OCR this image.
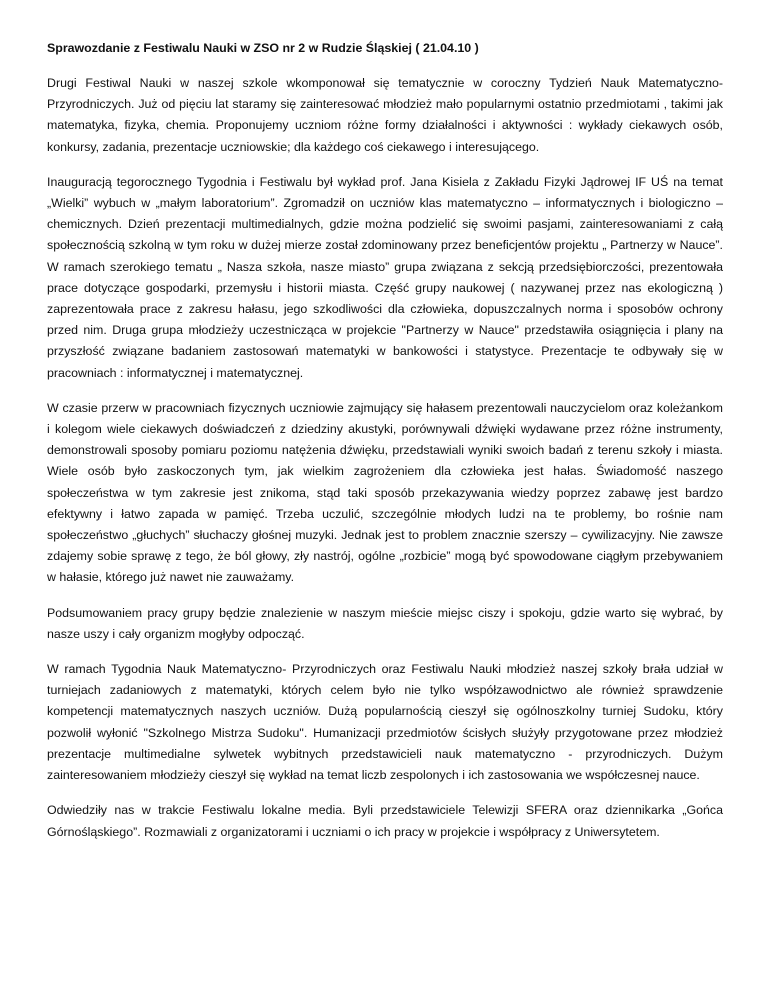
Sprawozdanie z Festiwalu Nauki w ZSO nr 2 w Rudzie Śląskiej ( 21.04.10 )

Drugi Festiwal Nauki w naszej szkole wkomponował się tematycznie w coroczny Tydzień Nauk Matematyczno-Przyrodniczych. Już od pięciu lat staramy się zainteresować młodzież mało popularnymi ostatnio przedmiotami , takimi jak matematyka, fizyka, chemia. Proponujemy uczniom różne formy działalności i aktywności : wykłady ciekawych osób, konkursy, zadania, prezentacje uczniowskie; dla każdego coś ciekawego i interesującego.

Inauguracją tegorocznego Tygodnia i Festiwalu był wykład prof. Jana Kisiela z Zakładu Fizyki Jądrowej IF UŚ na temat „Wielki” wybuch w „małym laboratorium”. Zgromadził on uczniów klas matematyczno – informatycznych i biologiczno – chemicznych. Dzień prezentacji multimedialnych, gdzie można podzielić się swoimi pasjami, zainteresowaniami z całą społecznością szkolną w tym roku w dużej mierze został zdominowany przez beneficjentów projektu „ Partnerzy w Nauce”. W ramach szerokiego tematu „ Nasza szkoła, nasze miasto” grupa związana z sekcją przedsiębiorczości, prezentowała prace dotyczące gospodarki, przemysłu i historii miasta. Część grupy naukowej ( nazywanej przez nas ekologiczną ) zaprezentowała prace z zakresu hałasu, jego szkodliwości dla człowieka, dopuszczalnych norma i sposobów ochrony przed nim. Druga grupa młodzieży uczestnicząca w projekcie "Partnerzy w Nauce" przedstawiła osiągnięcia i plany na przyszłość związane badaniem zastosowań matematyki w bankowości i statystyce. Prezentacje te odbywały się w pracowniach : informatycznej i matematycznej.

W czasie przerw w pracowniach fizycznych uczniowie zajmujący się hałasem prezentowali nauczycielom oraz koleżankom i kolegom wiele ciekawych doświadczeń z dziedziny akustyki, porównywali dźwięki wydawane przez różne instrumenty, demonstrowali sposoby pomiaru poziomu natężenia dźwięku, przedstawiali wyniki swoich badań z terenu szkoły i miasta. Wiele osób było zaskoczonych tym, jak wielkim zagrożeniem dla człowieka jest hałas. Świadomość naszego społeczeństwa w tym zakresie jest znikoma, stąd taki sposób przekazywania wiedzy poprzez zabawę jest bardzo efektywny i łatwo zapada w pamięć. Trzeba uczulić, szczególnie młodych ludzi na te problemy, bo rośnie nam społeczeństwo „głuchych” słuchaczy głośnej muzyki. Jednak jest to problem znacznie szerszy – cywilizacyjny. Nie zawsze zdajemy sobie sprawę z tego, że ból głowy, zły nastrój, ogólne „rozbicie” mogą być spowodowane ciągłym przebywaniem w hałasie, którego już nawet nie zauważamy.

Podsumowaniem pracy grupy będzie znalezienie w naszym mieście miejsc ciszy i spokoju, gdzie warto się wybrać, by nasze uszy i cały organizm mogłyby odpocząć.

W ramach Tygodnia Nauk Matematyczno- Przyrodniczych oraz Festiwalu Nauki młodzież naszej szkoły brała udział w turniejach zadaniowych z matematyki, których celem było nie tylko współzawodnictwo ale również sprawdzenie kompetencji matematycznych naszych uczniów. Dużą popularnością cieszył się ogólnoszkolny turniej Sudoku, który pozwolił wyłonić "Szkolnego Mistrza Sudoku". Humanizacji przedmiotów ścisłych służyły przygotowane przez młodzież prezentacje multimedialne sylwetek wybitnych przedstawicieli nauk matematyczno - przyrodniczych. Dużym zainteresowaniem młodzieży cieszył się wykład na temat liczb zespolonych i ich zastosowania we współczesnej nauce.

Odwiedziły nas w trakcie Festiwalu lokalne media. Byli przedstawiciele Telewizji SFERA oraz dziennikarka „Gońca Górnośląskiego”. Rozmawiali z organizatorami i uczniami o ich pracy w projekcie i współpracy z Uniwersytetem.
